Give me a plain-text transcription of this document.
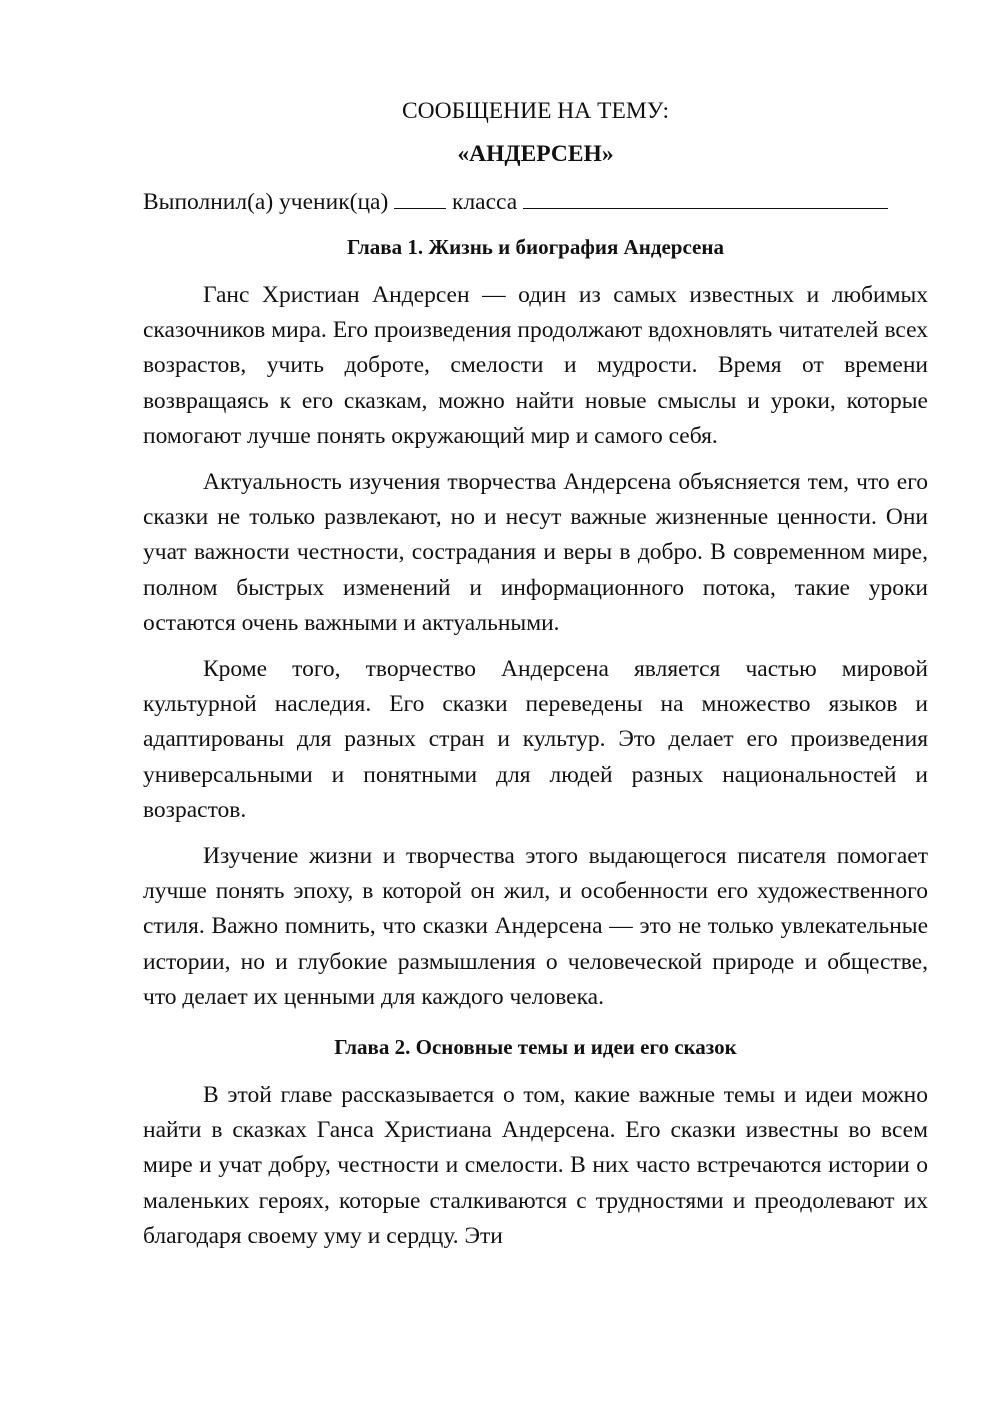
СООБЩЕНИЕ НА ТЕМУ:

«АНДЕРСЕН»

Выполнил(а) ученик(ца)	класса

Глава 1. Жизнь и биография Андерсена

Ганс Христиан Андерсен — один из самых известных и любимых сказочников мира. Его произведения продолжают вдохновлять читателей всех возрастов, учить доброте, смелости и мудрости. Время от времени возвращаясь к его сказкам, можно найти новые смыслы и уроки, которые помогают лучше понять окружающий мир и самого себя.

Актуальность изучения творчества Андерсена объясняется тем, что его сказки не только развлекают, но и несут важные жизненные ценности. Они учат важности честности, сострадания и веры в добро. В современном мире, полном быстрых изменений и информационного потока, такие уроки остаются очень важными и актуальными.

Кроме того, творчество Андерсена является частью мировой культурной наследия. Его сказки переведены на множество языков и адаптированы для разных стран и культур. Это делает его произведения универсальными и понятными для людей разных национальностей и возрастов.

Изучение жизни и творчества этого выдающегося писателя помогает лучше понять эпоху, в которой он жил, и особенности его художественного стиля. Важно помнить, что сказки Андерсена — это не только увлекательные истории, но и глубокие размышления о человеческой природе и обществе, что делает их ценными для каждого человека.

Глава 2. Основные темы и идеи его сказок

В этой главе рассказывается о том, какие важные темы и идеи можно найти в сказках Ганса Христиана Андерсена. Его сказки известны во всем мире и учат добру, честности и смелости. В них часто встречаются истории о маленьких героях, которые сталкиваются с трудностями и преодолевают их благодаря своему уму и сердцу. Эти
